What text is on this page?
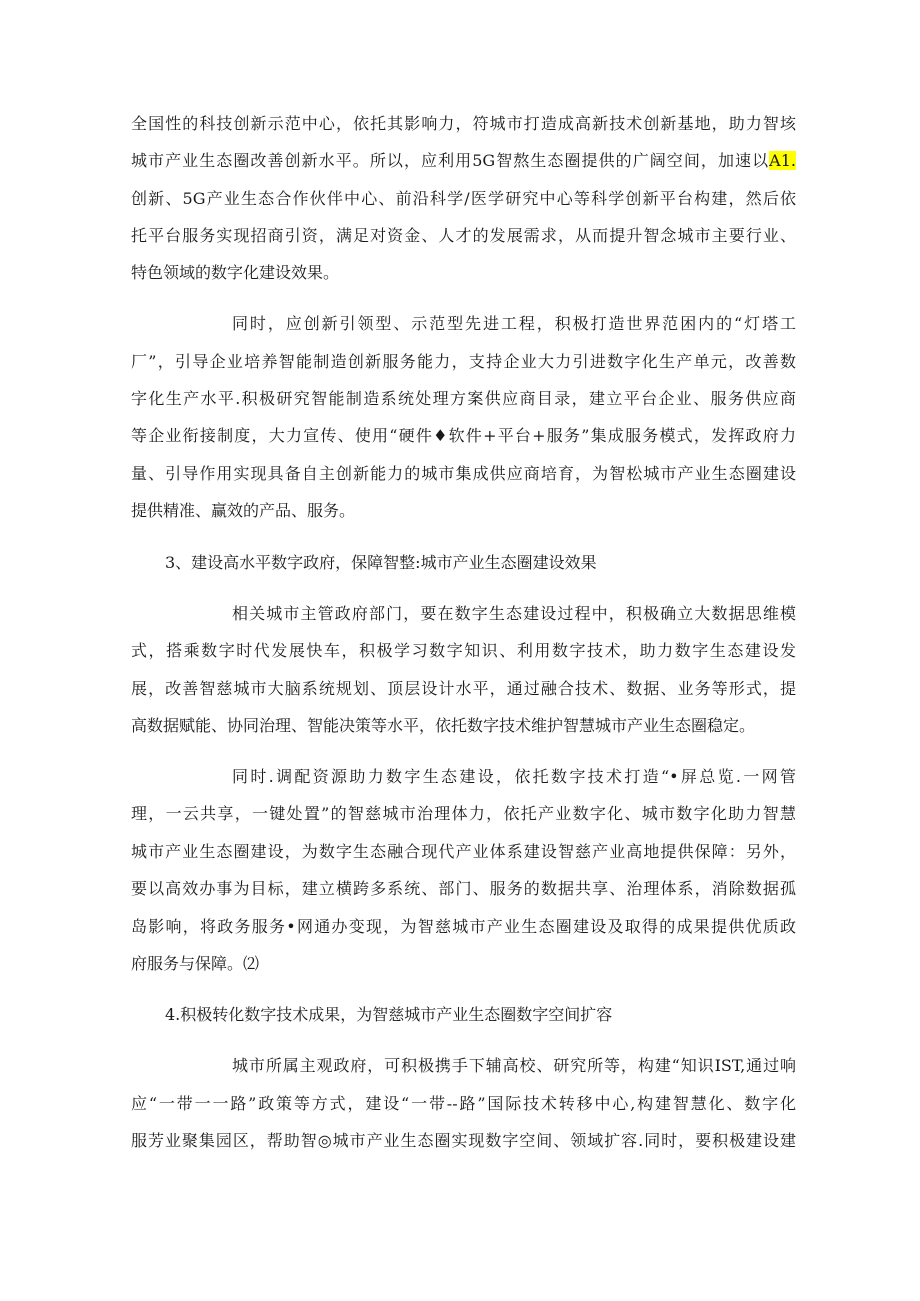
全国性的科技创新示范中心，依托其影响力，符城市打造成高新技术创新基地，助力智垓
城市产业生态圈改善创新水平。所以，应利用5G智熬生态圈提供的广阔空间，加速以A1.
创新、5G产业生态合作伙伴中心、前沿科学/医学研究中心等科学创新平台构建，然后依
托平台服务实现招商引资，满足对资金、人才的发展需求，从而提升智念城市主要行业、
特色领域的数字化建设效果。
同时，应创新引领型、示范型先进工程，积极打造世界范困内的“灯塔工
厂”，引导企业培养智能制造创新服务能力，支持企业大力引进数字化生产单元，改善数
字化生产水平.积极研究智能制造系统处理方案供应商目录，建立平台企业、服务供应商
等企业衔接制度，大力宣传、使用“硬件♦软件+平台+服务”集成服务模式，发挥政府力
量、引导作用实现具备自主创新能力的城市集成供应商培育，为智松城市产业生态圈建设
提供精准、赢效的产品、服务。
3、建设高水平数字政府，保障智整:城市产业生态圈建设效果
相关城市主管政府部门，要在数字生态建设过程中，积极确立大数据思维模
式，搭乘数字时代发展快车，积极学习数字知识、利用数字技术，助力数字生态建设发
展，改善智慈城市大脑系统规划、顶层设计水平，通过融合技术、数据、业务等形式，提
高数据赋能、协同治理、智能决策等水平，依托数字技术维护智慧城市产业生态圈稳定。
同时.调配资源助力数字生态建设，依托数字技术打造“•屏总览.一网管
理，一云共享，一键处置”的智慈城市治理体力，依托产业数字化、城市数字化助力智慧
城市产业生态圈建设，为数字生态融合现代产业体系建设智慈产业高地提供保障：另外，
要以高效办事为目标，建立横跨多系统、部门、服务的数据共享、治理体系，消除数据孤
岛影响，将政务服务•网通办变现，为智慈城市产业生态圈建设及取得的成果提供优质政
府服务与保障。⑵
4.积极转化数字技术成果，为智慈城市产业生态圈数字空间扩容
城市所属主观政府，可积极携手下辅高校、研究所等，构建“知识IST,通过响
应“一带一一路”政策等方式，建设“一带--路”国际技术转移中心,构建智慧化、数字化
服芳业聚集园区，帮助智◎城市产业生态圈实现数字空间、领域扩容.同时，要积极建设建
